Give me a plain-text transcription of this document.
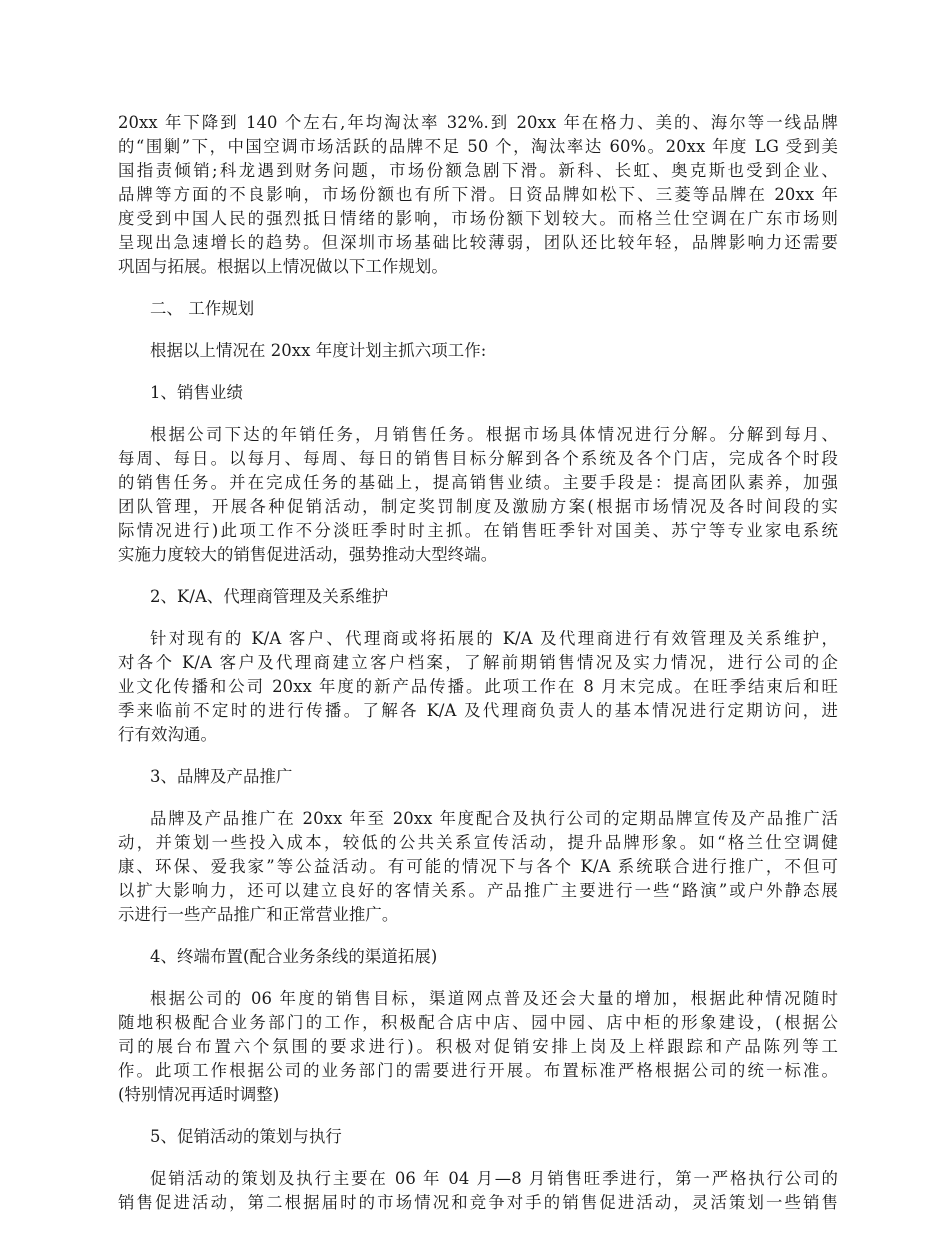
20xx 年下降到 140 个左右,年均淘汰率 32%.到 20xx 年在格力、美的、海尔等一线品牌
的“围剿”下，中国空调市场活跃的品牌不足 50 个，淘汰率达 60%。20xx 年度 LG 受到美
国指责倾销;科龙遇到财务问题，市场份额急剧下滑。新科、长虹、奥克斯也受到企业、
品牌等方面的不良影响，市场份额也有所下滑。日资品牌如松下、三菱等品牌在 20xx 年
度受到中国人民的强烈抵日情绪的影响，市场份额下划较大。而格兰仕空调在广东市场则
呈现出急速增长的趋势。但深圳市场基础比较薄弱，团队还比较年轻，品牌影响力还需要
巩固与拓展。根据以上情况做以下工作规划。
二、 工作规划
根据以上情况在 20xx 年度计划主抓六项工作:
1、销售业绩
根据公司下达的年销任务，月销售任务。根据市场具体情况进行分解。分解到每月、
每周、每日。以每月、每周、每日的销售目标分解到各个系统及各个门店，完成各个时段
的销售任务。并在完成任务的基础上，提高销售业绩。主要手段是：提高团队素养，加强
团队管理，开展各种促销活动，制定奖罚制度及激励方案(根据市场情况及各时间段的实
际情况进行)此项工作不分淡旺季时时主抓。在销售旺季针对国美、苏宁等专业家电系统
实施力度较大的销售促进活动，强势推动大型终端。
2、K/A、代理商管理及关系维护
针对现有的 K/A 客户、代理商或将拓展的 K/A 及代理商进行有效管理及关系维护，
对各个 K/A 客户及代理商建立客户档案，了解前期销售情况及实力情况，进行公司的企
业文化传播和公司 20xx 年度的新产品传播。此项工作在 8 月末完成。在旺季结束后和旺
季来临前不定时的进行传播。了解各 K/A 及代理商负责人的基本情况进行定期访问，进
行有效沟通。
3、品牌及产品推广
品牌及产品推广在 20xx 年至 20xx 年度配合及执行公司的定期品牌宣传及产品推广活
动，并策划一些投入成本，较低的公共关系宣传活动，提升品牌形象。如“格兰仕空调健
康、环保、爱我家”等公益活动。有可能的情况下与各个 K/A 系统联合进行推广，不但可
以扩大影响力，还可以建立良好的客情关系。产品推广主要进行一些“路演”或户外静态展
示进行一些产品推广和正常营业推广。
4、终端布置(配合业务条线的渠道拓展)
根据公司的 06 年度的销售目标，渠道网点普及还会大量的增加，根据此种情况随时
随地积极配合业务部门的工作，积极配合店中店、园中园、店中柜的形象建设，(根据公
司的展台布置六个氛围的要求进行)。积极对促销安排上岗及上样跟踪和产品陈列等工
作。此项工作根据公司的业务部门的需要进行开展。布置标准严格根据公司的统一标准。
(特别情况再适时调整)
5、促销活动的策划与执行
促销活动的策划及执行主要在 06 年 04 月—8 月销售旺季进行，第一严格执行公司的
销售促进活动，第二根据届时的市场情况和竞争对手的销售促进活动，灵活策划一些销售
